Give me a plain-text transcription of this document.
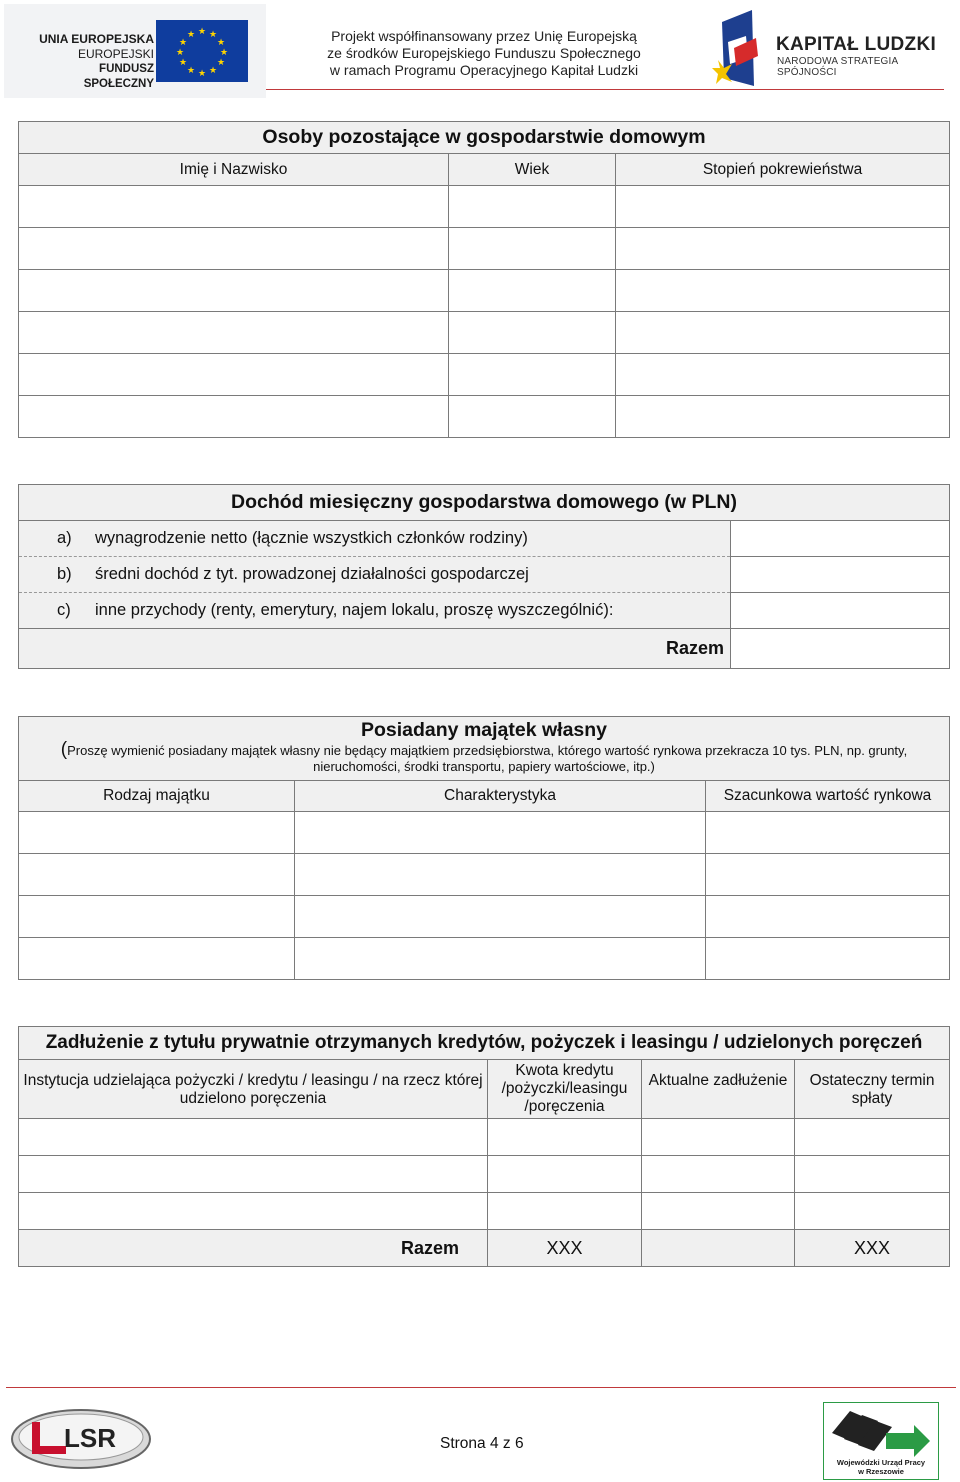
UNIA EUROPEJSKA
EUROPEJSKI
FUNDUSZ SPOŁECZNY
★ ★
★
★
★
★
★
★
★
★
★
★	Projekt współfinansowany przez Unię Europejską
ze środków Europejskiego Funduszu Społecznego
w ramach Programu Operacyjnego Kapitał Ludzki
KAPITAŁ LUDZKI
NARODOWA STRATEGIA SPÓJNOŚCI
Osoby pozostające w gospodarstwie domowym		
Imię i Nazwisko	Wiek	Stopień pokrewieństwa

Dochód miesięczny gospodarstwa domowego (w PLN)	
a) wynagrodzenie netto (łącznie wszystkich członków rodziny)	
b) średni dochód z tyt. prowadzonej działalności gospodarczej	
c) inne przychody (renty, emerytury, najem lokalu, proszę wyszczególnić):	
Razem	
Posiadany majątek własny
(Proszę wymienić posiadany majątek własny nie będący majątkiem przedsiębiorstwa, którego wartość rynkowa przekracza 10 tys. PLN, np. grunty, nieruchomości, środki transportu, papiery wartościowe, itp.)		

Rodzaj majątku	Charakterystyka	Szacunkowa wartość rynkowa

Zadłużenie z tytułu prywatnie otrzymanych kredytów, pożyczek i leasingu / udzielonych poręczeń			
Instytucja udzielająca pożyczki / kredytu / leasingu / na rzecz której udzielono poręczenia	Kwota kredytu /pożyczki/leasingu /poręczenia	Aktualne zadłużenie	Ostateczny termin spłaty

Razem	XXX		XXX
LSR	Strona 4 z 6
Wojewódzki Urząd Pracy
w Rzeszowie
